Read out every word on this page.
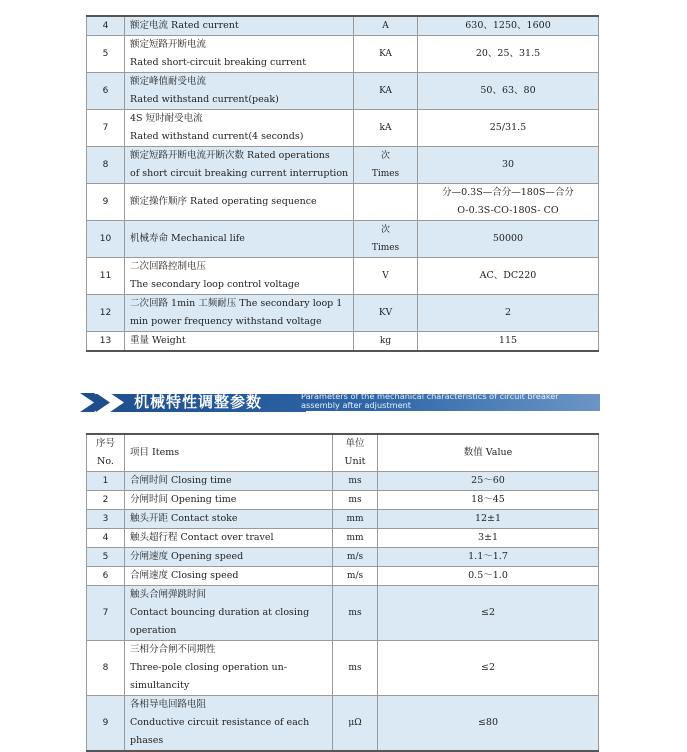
4	额定电流 Rated current	A	630、1250、1600

5	额定短路开断电流
Rated short-circuit breaking current	KA	20、25、31.5

6	额定峰值耐受电流
Rated withstand current(peak)	KA	50、63、80

7	4S 短时耐受电流
Rated withstand current(4 seconds)	kA	25/31.5

8	额定短路开断电流开断次数 Rated operations
of short circuit breaking current interruption	次
Times	30

9	额定操作顺序 Rated operating sequence		分—0.3S—合分—180S—合分
O-0.3S-CO-180S- CO

10	机械寿命 Mechanical life	次
Times	50000

11	二次回路控制电压
The secondary loop control voltage	V	AC、DC220

12	二次回路 1min 工频耐压 The secondary loop 1
min power frequency withstand voltage	KV	2

13	重量 Weight	kg	115
机械特性调整参数	Parameters of the mechanical characteristics of circuit breaker assembly after adjustment
序号
No.	项目 Items	单位
Unit	数值 Value

1	合闸时间 Closing time	ms	25～60

2	分闸时间 Opening time	ms	18～45

3	触头开距 Contact stoke	mm	12±1

4	触头超行程 Contact over travel	mm	3±1

5	分闸速度 Opening speed	m/s	1.1～1.7

6	合闸速度 Closing speed	m/s	0.5～1.0

7	触头合闸弹跳时间
Contact bouncing duration at closing operation	ms	≤2

8	三相分合闸不同期性
Three-pole closing operation un-simultancity	ms	≤2

9	各相导电回路电阻
Conductive circuit resistance of each phases	μΩ	≤80
